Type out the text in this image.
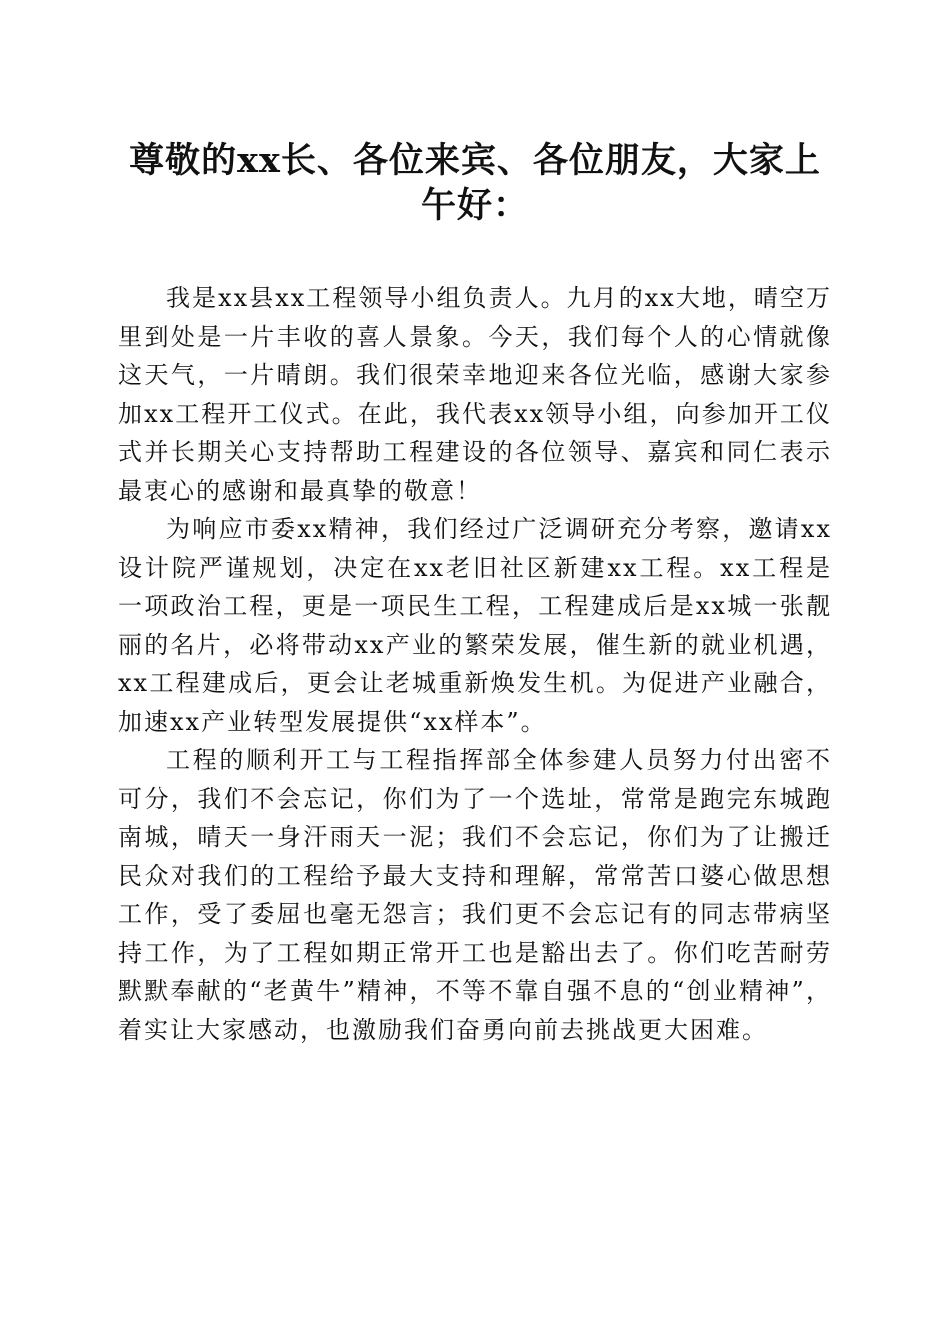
尊敬的xx长、各位来宾、各位朋友，大家上午好：

我是xx县xx工程领导小组负责人。九月的xx大地，晴空万里到处是一片丰收的喜人景象。今天，我们每个人的心情就像这天气，一片晴朗。我们很荣幸地迎来各位光临，感谢大家参加xx工程开工仪式。在此，我代表xx领导小组，向参加开工仪式并长期关心支持帮助工程建设的各位领导、嘉宾和同仁表示最衷心的感谢和最真挚的敬意！

为响应市委xx精神，我们经过广泛调研充分考察，邀请xx设计院严谨规划，决定在xx老旧社区新建xx工程。xx工程是一项政治工程，更是一项民生工程，工程建成后是xx城一张靓丽的名片，必将带动xx产业的繁荣发展，催生新的就业机遇，xx工程建成后，更会让老城重新焕发生机。为促进产业融合，加速xx产业转型发展提供“xx样本”。

工程的顺利开工与工程指挥部全体参建人员努力付出密不可分，我们不会忘记，你们为了一个选址，常常是跑完东城跑南城，晴天一身汗雨天一泥；我们不会忘记，你们为了让搬迁民众对我们的工程给予最大支持和理解，常常苦口婆心做思想工作，受了委屈也毫无怨言；我们更不会忘记有的同志带病坚持工作，为了工程如期正常开工也是豁出去了。你们吃苦耐劳默默奉献的“老黄牛”精神，不等不靠自强不息的“创业精神”，着实让大家感动，也激励我们奋勇向前去挑战更大困难。
